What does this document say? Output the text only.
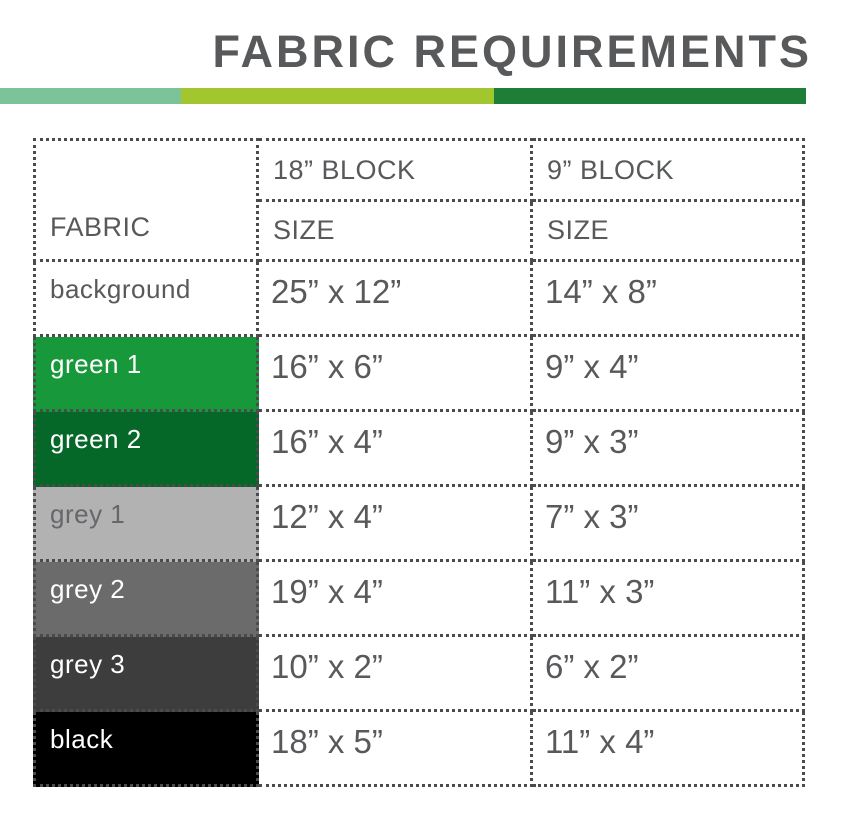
FABRIC REQUIREMENTS
FABRIC
18” BLOCK	9” BLOCK
SIZE	SIZE
background	25” x 12”	14” x 8”
green 1	16” x 6”	9” x 4”
green 2	16” x 4”	9” x 3”
grey 1	12” x 4”	7” x 3”
grey 2	19” x 4”	11” x 3”
grey 3	10” x 2”	6” x 2”
black	18” x 5”	11” x 4”
